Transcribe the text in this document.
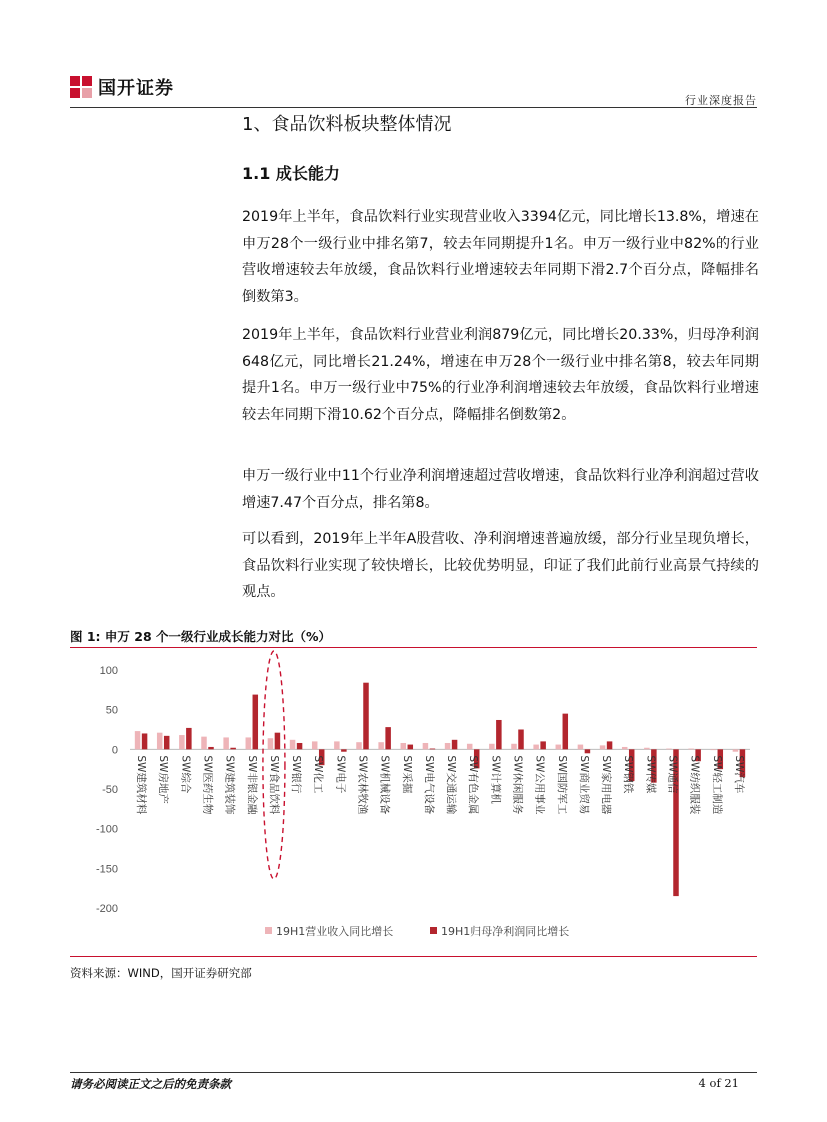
国开证券
行业深度报告
1、食品饮料板块整体情况
1.1 成长能力
2019年上半年，食品饮料行业实现营业收入3394亿元，同比增长13.8%，增速在申万28个一级行业中排名第7，较去年同期提升1名。申万一级行业中82%的行业营收增速较去年放缓，食品饮料行业增速较去年同期下滑2.7个百分点，降幅排名倒数第3。
2019年上半年，食品饮料行业营业利润879亿元，同比增长20.33%，归母净利润648亿元，同比增长21.24%，增速在申万28个一级行业中排名第8，较去年同期提升1名。申万一级行业中75%的行业净利润增速较去年放缓，食品饮料行业增速较去年同期下滑10.62个百分点，降幅排名倒数第2。
申万一级行业中11个行业净利润增速超过营收增速，食品饮料行业净利润超过营收增速7.47个百分点，排名第8。
可以看到，2019年上半年A股营收、净利润增速普遍放缓，部分行业呈现负增长，食品饮料行业实现了较快增长，比较优势明显，印证了我们此前行业高景气持续的观点。
图 1: 申万 28 个一级行业成长能力对比（%）
100
50
0
-50
-100
-150
-200
SW建筑材料 SW房地产 SW综合 SW医药生物 SW建筑装饰 SW非银金融 SW食品饮料 SW银行 SW化工 SW电子 SW农林牧渔 SW机械设备 SW采掘 SW电气设备 SW交通运输 SW有色金属 SW计算机 SW休闲服务 SW公用事业 SW国防军工 SW商业贸易 SW家用电器 SW钢铁 SW传媒 SW通信 SW纺织服装 SW轻工制造 SW汽车
19H1营业收入同比增长	19H1归母净利润同比增长
资料来源：WIND，国开证券研究部
请务必阅读正文之后的免责条款	4 of 21
